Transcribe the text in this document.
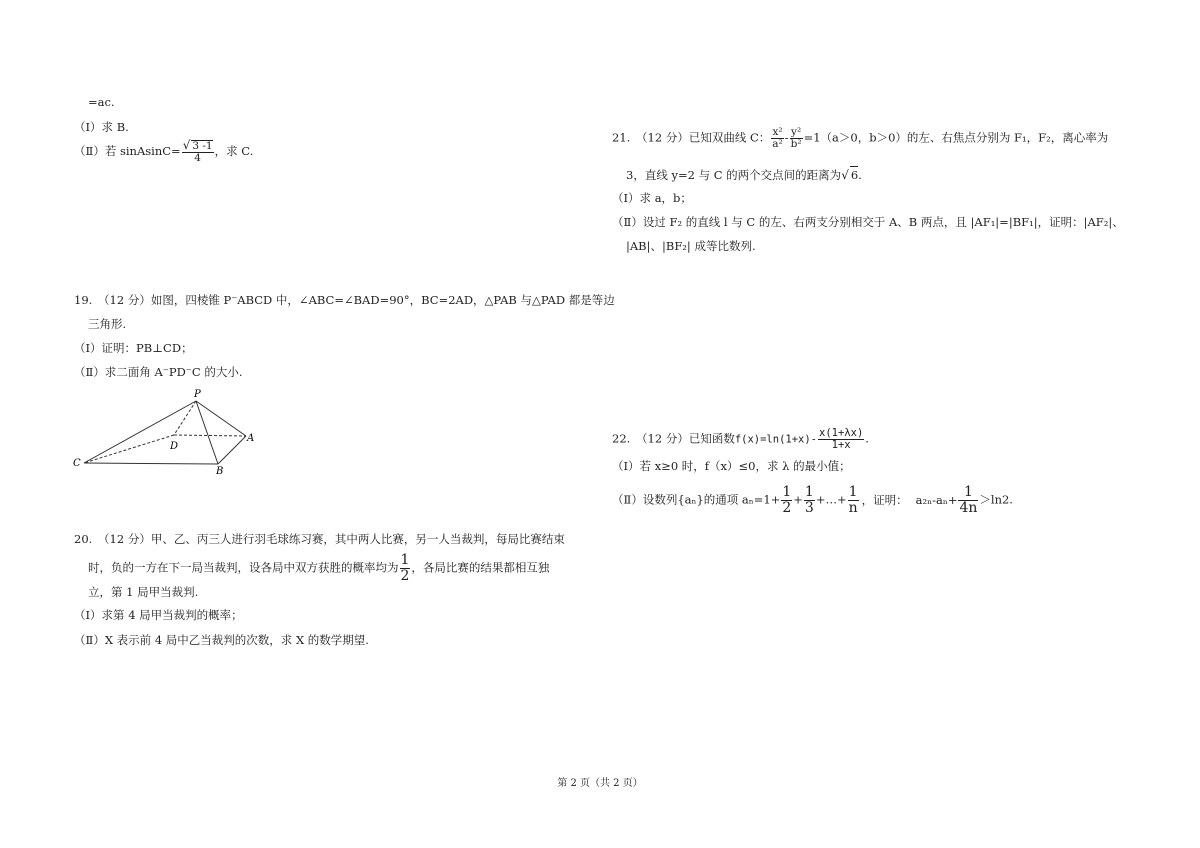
=ac.
（Ⅰ）求 B.
（Ⅱ）若 sinAsinC= $\frac{√ 3 -1}{4}$ ，求 C.
19.　（12 分）如图，四棱锥 P⁻ABCD 中，∠ABC=∠BAD=90°，BC=2AD，△PAB 与△PAD 都是等边
三角形.
（Ⅰ）证明：PB⊥CD；
（Ⅱ）求二面角 A⁻PD⁻C 的大小.
P
D
A
C
B
20.　（12 分）甲、乙、丙三人进行羽毛球练习赛，其中两人比赛，另一人当裁判，每局比赛结束
时，负的一方在下一局当裁判，设各局中双方获胜的概率均为 $\frac{1}{2}$ ，各局比赛的结果都相互独
立，第 1 局甲当裁判.
（Ⅰ）求第 4 局甲当裁判的概率；
（Ⅱ）X 表示前 4 局中乙当裁判的次数，求 X 的数学期望.
21.　（12 分）已知双曲线 C： $\frac{\text{x²}}{\text{a²}} - \frac{\text{y²}}{\text{b²}} =1(a>0$，b＞0）的左、右焦点分别为 F₁，F₂，离心率为
3，直线 y=2 与 C 的两个交点间的距离为√ 6.
（Ⅰ）求 a，b；
（Ⅱ）设过 F₂ 的直线 l 与 C 的左、右两支分别相交于 A、B 两点，且 |AF₁|=|BF₁|，证明：|AF₂|、
|AB|、|BF₂| 成等比数列.
22.　（12 分）已知函数$f(x)=\ln(1+x)- \frac{x(1+\lambda x)}{1+x}$ .
（Ⅰ）若 x≥0 时，f（x）≤0，求 λ 的最小值；
（Ⅱ）设数列{aₙ}的通项 $a_n=1+ \frac{1}{2} + \frac{1}{3}$ +…+ $\frac{1}{n}$ ，证明： $a_{2n}-a_n+ \frac{1}{4n} >\ln 2$.
第 2 页（共 2 页）
